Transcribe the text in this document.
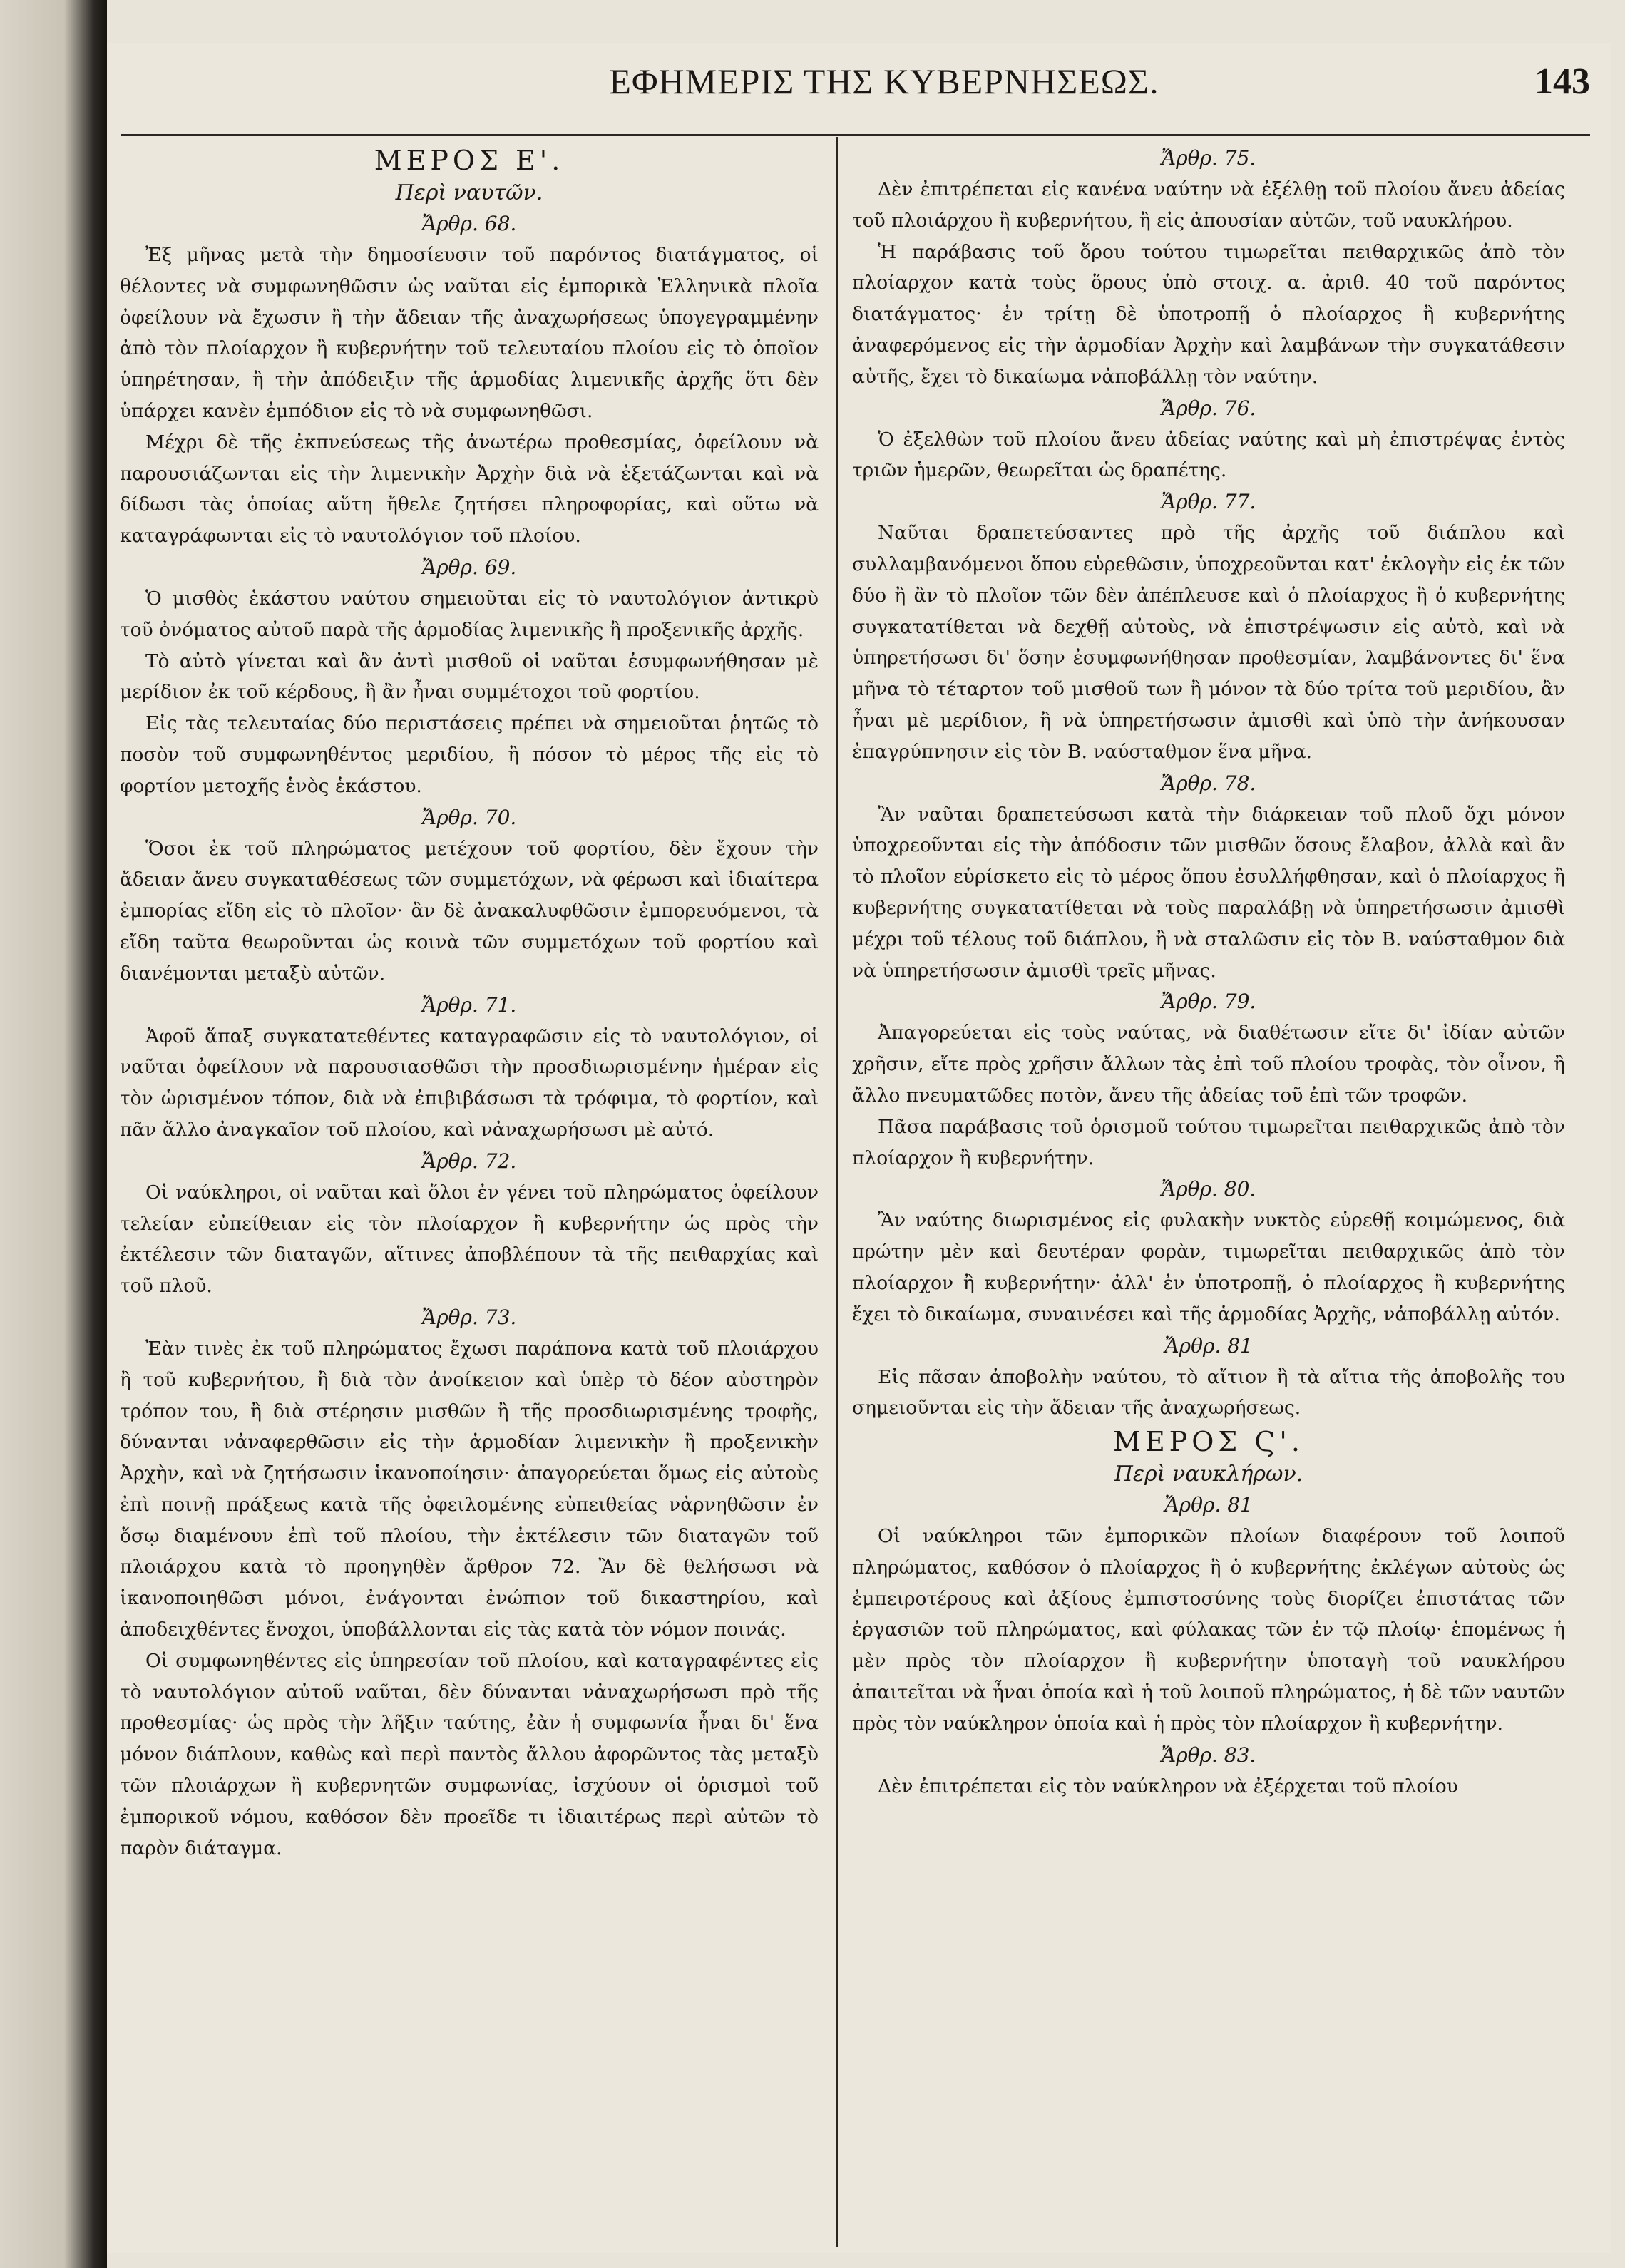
ΕΦΗΜΕΡΙΣ ΤΗΣ ΚΥΒΕΡΝΗΣΕΩΣ.	143
ΜΕΡΟΣ Ε'.
Περὶ ναυτῶν.
Ἄρθρ. 68.
Ἐξ μῆνας μετὰ τὴν δημοσίευσιν τοῦ παρόντος διατάγματος, οἱ θέλοντες νὰ συμφωνηθῶσιν ὡς ναῦται εἰς ἐμπορικὰ Ἑλληνικὰ πλοῖα ὀφείλουν νὰ ἔχωσιν ἢ τὴν ἄδειαν τῆς ἀναχωρήσεως ὑπογεγραμμένην ἀπὸ τὸν πλοίαρχον ἢ κυβερνήτην τοῦ τελευταίου πλοίου εἰς τὸ ὁποῖον ὑπηρέτησαν, ἢ τὴν ἀπόδειξιν τῆς ἁρμοδίας λιμενικῆς ἀρχῆς ὅτι δὲν ὑπάρχει κανὲν ἐμπόδιον εἰς τὸ νὰ συμφωνηθῶσι.
Μέχρι δὲ τῆς ἐκπνεύσεως τῆς ἀνωτέρω προθεσμίας, ὀφείλουν νὰ παρουσιάζωνται εἰς τὴν λιμενικὴν Ἀρχὴν διὰ νὰ ἐξετάζωνται καὶ νὰ δίδωσι τὰς ὁποίας αὕτη ἤθελε ζητήσει πληροφορίας, καὶ οὕτω νὰ καταγράφωνται εἰς τὸ ναυτολόγιον τοῦ πλοίου.
Ἄρθρ. 69.
Ὁ μισθὸς ἑκάστου ναύτου σημειοῦται εἰς τὸ ναυτολόγιον ἀντικρὺ τοῦ ὀνόματος αὐτοῦ παρὰ τῆς ἁρμοδίας λιμενικῆς ἢ προξενικῆς ἀρχῆς.
Τὸ αὐτὸ γίνεται καὶ ἂν ἀντὶ μισθοῦ οἱ ναῦται ἐσυμφωνήθησαν μὲ μερίδιον ἐκ τοῦ κέρδους, ἢ ἂν ἦναι συμμέτοχοι τοῦ φορτίου.
Εἰς τὰς τελευταίας δύο περιστάσεις πρέπει νὰ σημειοῦται ῥητῶς τὸ ποσὸν τοῦ συμφωνηθέντος μεριδίου, ἢ πόσον τὸ μέρος τῆς εἰς τὸ φορτίον μετοχῆς ἑνὸς ἑκάστου.
Ἄρθρ. 70.
Ὅσοι ἐκ τοῦ πληρώματος μετέχουν τοῦ φορτίου, δὲν ἔχουν τὴν ἄδειαν ἄνευ συγκαταθέσεως τῶν συμμετόχων, νὰ φέρωσι καὶ ἰδιαίτερα ἐμπορίας εἴδη εἰς τὸ πλοῖον· ἂν δὲ ἀνακαλυφθῶσιν ἐμπορευόμενοι, τὰ εἴδη ταῦτα θεωροῦνται ὡς κοινὰ τῶν συμμετόχων τοῦ φορτίου καὶ διανέμονται μεταξὺ αὐτῶν.
Ἄρθρ. 71.
Ἀφοῦ ἅπαξ συγκατατεθέντες καταγραφῶσιν εἰς τὸ ναυτολόγιον, οἱ ναῦται ὀφείλουν νὰ παρουσιασθῶσι τὴν προσδιωρισμένην ἡμέραν εἰς τὸν ὡρισμένον τόπον, διὰ νὰ ἐπιβιβάσωσι τὰ τρόφιμα, τὸ φορτίον, καὶ πᾶν ἄλλο ἀναγκαῖον τοῦ πλοίου, καὶ νἀναχωρήσωσι μὲ αὐτό.
Ἄρθρ. 72.
Οἱ ναύκληροι, οἱ ναῦται καὶ ὅλοι ἐν γένει τοῦ πληρώματος ὀφείλουν τελείαν εὐπείθειαν εἰς τὸν πλοίαρχον ἢ κυβερνήτην ὡς πρὸς τὴν ἐκτέλεσιν τῶν διαταγῶν, αἵτινες ἀποβλέπουν τὰ τῆς πειθαρχίας καὶ τοῦ πλοῦ.
Ἄρθρ. 73.
Ἐὰν τινὲς ἐκ τοῦ πληρώματος ἔχωσι παράπονα κατὰ τοῦ πλοιάρχου ἢ τοῦ κυβερνήτου, ἢ διὰ τὸν ἀνοίκειον καὶ ὑπὲρ τὸ δέον αὐστηρὸν τρόπον του, ἢ διὰ στέρησιν μισθῶν ἢ τῆς προσδιωρισμένης τροφῆς, δύνανται νἀναφερθῶσιν εἰς τὴν ἁρμοδίαν λιμενικὴν ἢ προξενικὴν Ἀρχὴν, καὶ νὰ ζητήσωσιν ἱκανοποίησιν· ἀπαγορεύεται ὅμως εἰς αὐτοὺς ἐπὶ ποινῇ πράξεως κατὰ τῆς ὀφειλομένης εὐπειθείας νἀρνηθῶσιν ἐν ὅσῳ διαμένουν ἐπὶ τοῦ πλοίου, τὴν ἐκτέλεσιν τῶν διαταγῶν τοῦ πλοιάρχου κατὰ τὸ προηγηθὲν ἄρθρον 72. Ἂν δὲ θελήσωσι νὰ ἱκανοποιηθῶσι μόνοι, ἐνάγονται ἐνώπιον τοῦ δικαστηρίου, καὶ ἀποδειχθέντες ἔνοχοι, ὑποβάλλονται εἰς τὰς κατὰ τὸν νόμον ποινάς.
Οἱ συμφωνηθέντες εἰς ὑπηρεσίαν τοῦ πλοίου, καὶ καταγραφέντες εἰς τὸ ναυτολόγιον αὐτοῦ ναῦται, δὲν δύνανται νἀναχωρήσωσι πρὸ τῆς προθεσμίας· ὡς πρὸς τὴν λῆξιν ταύτης, ἐὰν ἡ συμφωνία ἦναι δι' ἕνα μόνον διάπλουν, καθὼς καὶ περὶ παντὸς ἄλλου ἀφορῶντος τὰς μεταξὺ τῶν πλοιάρχων ἢ κυβερνητῶν συμφωνίας, ἰσχύουν οἱ ὁρισμοὶ τοῦ ἐμπορικοῦ νόμου, καθόσον δὲν προεῖδε τι ἰδιαιτέρως περὶ αὐτῶν τὸ παρὸν διάταγμα.
Ἄρθρ. 75.
Δὲν ἐπιτρέπεται εἰς κανένα ναύτην νὰ ἐξέλθῃ τοῦ πλοίου ἄνευ ἀδείας τοῦ πλοιάρχου ἢ κυβερνήτου, ἢ εἰς ἀπουσίαν αὐτῶν, τοῦ ναυκλήρου.
Ἡ παράβασις τοῦ ὅρου τούτου τιμωρεῖται πειθαρχικῶς ἀπὸ τὸν πλοίαρχον κατὰ τοὺς ὅρους ὑπὸ στοιχ. α. ἀριθ. 40 τοῦ παρόντος διατάγματος· ἐν τρίτῃ δὲ ὑποτροπῇ ὁ πλοίαρχος ἢ κυβερνήτης ἀναφερόμενος εἰς τὴν ἁρμοδίαν Ἀρχὴν καὶ λαμβάνων τὴν συγκατάθεσιν αὐτῆς, ἔχει τὸ δικαίωμα νἀποβάλλῃ τὸν ναύτην.
Ἄρθρ. 76.
Ὁ ἐξελθὼν τοῦ πλοίου ἄνευ ἀδείας ναύτης καὶ μὴ ἐπιστρέψας ἐντὸς τριῶν ἡμερῶν, θεωρεῖται ὡς δραπέτης.
Ἄρθρ. 77.
Ναῦται δραπετεύσαντες πρὸ τῆς ἀρχῆς τοῦ διάπλου καὶ συλλαμβανόμενοι ὅπου εὑρεθῶσιν, ὑποχρεοῦνται κατ' ἐκλογὴν εἰς ἐκ τῶν δύο ἢ ἂν τὸ πλοῖον τῶν δὲν ἀπέπλευσε καὶ ὁ πλοίαρχος ἢ ὁ κυβερνήτης συγκατατίθεται νὰ δεχθῇ αὐτοὺς, νὰ ἐπιστρέψωσιν εἰς αὐτὸ, καὶ νὰ ὑπηρετήσωσι δι' ὅσην ἐσυμφωνήθησαν προθεσμίαν, λαμβάνοντες δι' ἕνα μῆνα τὸ τέταρτον τοῦ μισθοῦ των ἢ μόνον τὰ δύο τρίτα τοῦ μεριδίου, ἂν ἦναι μὲ μερίδιον, ἢ νὰ ὑπηρετήσωσιν ἀμισθὶ καὶ ὑπὸ τὴν ἀνήκουσαν ἐπαγρύπνησιν εἰς τὸν Β. ναύσταθμον ἕνα μῆνα.
Ἄρθρ. 78.
Ἂν ναῦται δραπετεύσωσι κατὰ τὴν διάρκειαν τοῦ πλοῦ ὄχι μόνον ὑποχρεοῦνται εἰς τὴν ἀπόδοσιν τῶν μισθῶν ὅσους ἔλαβον, ἀλλὰ καὶ ἂν τὸ πλοῖον εὑρίσκετο εἰς τὸ μέρος ὅπου ἐσυλλήφθησαν, καὶ ὁ πλοίαρχος ἢ κυβερνήτης συγκατατίθεται νὰ τοὺς παραλάβῃ νὰ ὑπηρετήσωσιν ἀμισθὶ μέχρι τοῦ τέλους τοῦ διάπλου, ἢ νὰ σταλῶσιν εἰς τὸν Β. ναύσταθμον διὰ νὰ ὑπηρετήσωσιν ἀμισθὶ τρεῖς μῆνας.
Ἄρθρ. 79.
Ἀπαγορεύεται εἰς τοὺς ναύτας, νὰ διαθέτωσιν εἴτε δι' ἰδίαν αὐτῶν χρῆσιν, εἴτε πρὸς χρῆσιν ἄλλων τὰς ἐπὶ τοῦ πλοίου τροφὰς, τὸν οἶνον, ἢ ἄλλο πνευματῶδες ποτὸν, ἄνευ τῆς ἀδείας τοῦ ἐπὶ τῶν τροφῶν.
Πᾶσα παράβασις τοῦ ὁρισμοῦ τούτου τιμωρεῖται πειθαρχικῶς ἀπὸ τὸν πλοίαρχον ἢ κυβερνήτην.
Ἄρθρ. 80.
Ἂν ναύτης διωρισμένος εἰς φυλακὴν νυκτὸς εὑρεθῇ κοιμώμενος, διὰ πρώτην μὲν καὶ δευτέραν φορὰν, τιμωρεῖται πειθαρχικῶς ἀπὸ τὸν πλοίαρχον ἢ κυβερνήτην· ἀλλ' ἐν ὑποτροπῇ, ὁ πλοίαρχος ἢ κυβερνήτης ἔχει τὸ δικαίωμα, συναινέσει καὶ τῆς ἁρμοδίας Ἀρχῆς, νἀποβάλλῃ αὐτόν.
Ἄρθρ. 81
Εἰς πᾶσαν ἀποβολὴν ναύτου, τὸ αἴτιον ἢ τὰ αἴτια τῆς ἀποβολῆς του σημειοῦνται εἰς τὴν ἄδειαν τῆς ἀναχωρήσεως.
ΜΕΡΟΣ Ϛ'.
Περὶ ναυκλήρων.
Ἄρθρ. 81
Οἱ ναύκληροι τῶν ἐμπορικῶν πλοίων διαφέρουν τοῦ λοιποῦ πληρώματος, καθόσον ὁ πλοίαρχος ἢ ὁ κυβερνήτης ἐκλέγων αὐτοὺς ὡς ἐμπειροτέρους καὶ ἀξίους ἐμπιστοσύνης τοὺς διορίζει ἐπιστάτας τῶν ἐργασιῶν τοῦ πληρώματος, καὶ φύλακας τῶν ἐν τῷ πλοίῳ· ἑπομένως ἡ μὲν πρὸς τὸν πλοίαρχον ἢ κυβερνήτην ὑποταγὴ τοῦ ναυκλήρου ἀπαιτεῖται νὰ ἦναι ὁποία καὶ ἡ τοῦ λοιποῦ πληρώματος, ἡ δὲ τῶν ναυτῶν πρὸς τὸν ναύκληρον ὁποία καὶ ἡ πρὸς τὸν πλοίαρχον ἢ κυβερνήτην.
Ἄρθρ. 83.
Δὲν ἐπιτρέπεται εἰς τὸν ναύκληρον νὰ ἐξέρχεται τοῦ πλοίου
